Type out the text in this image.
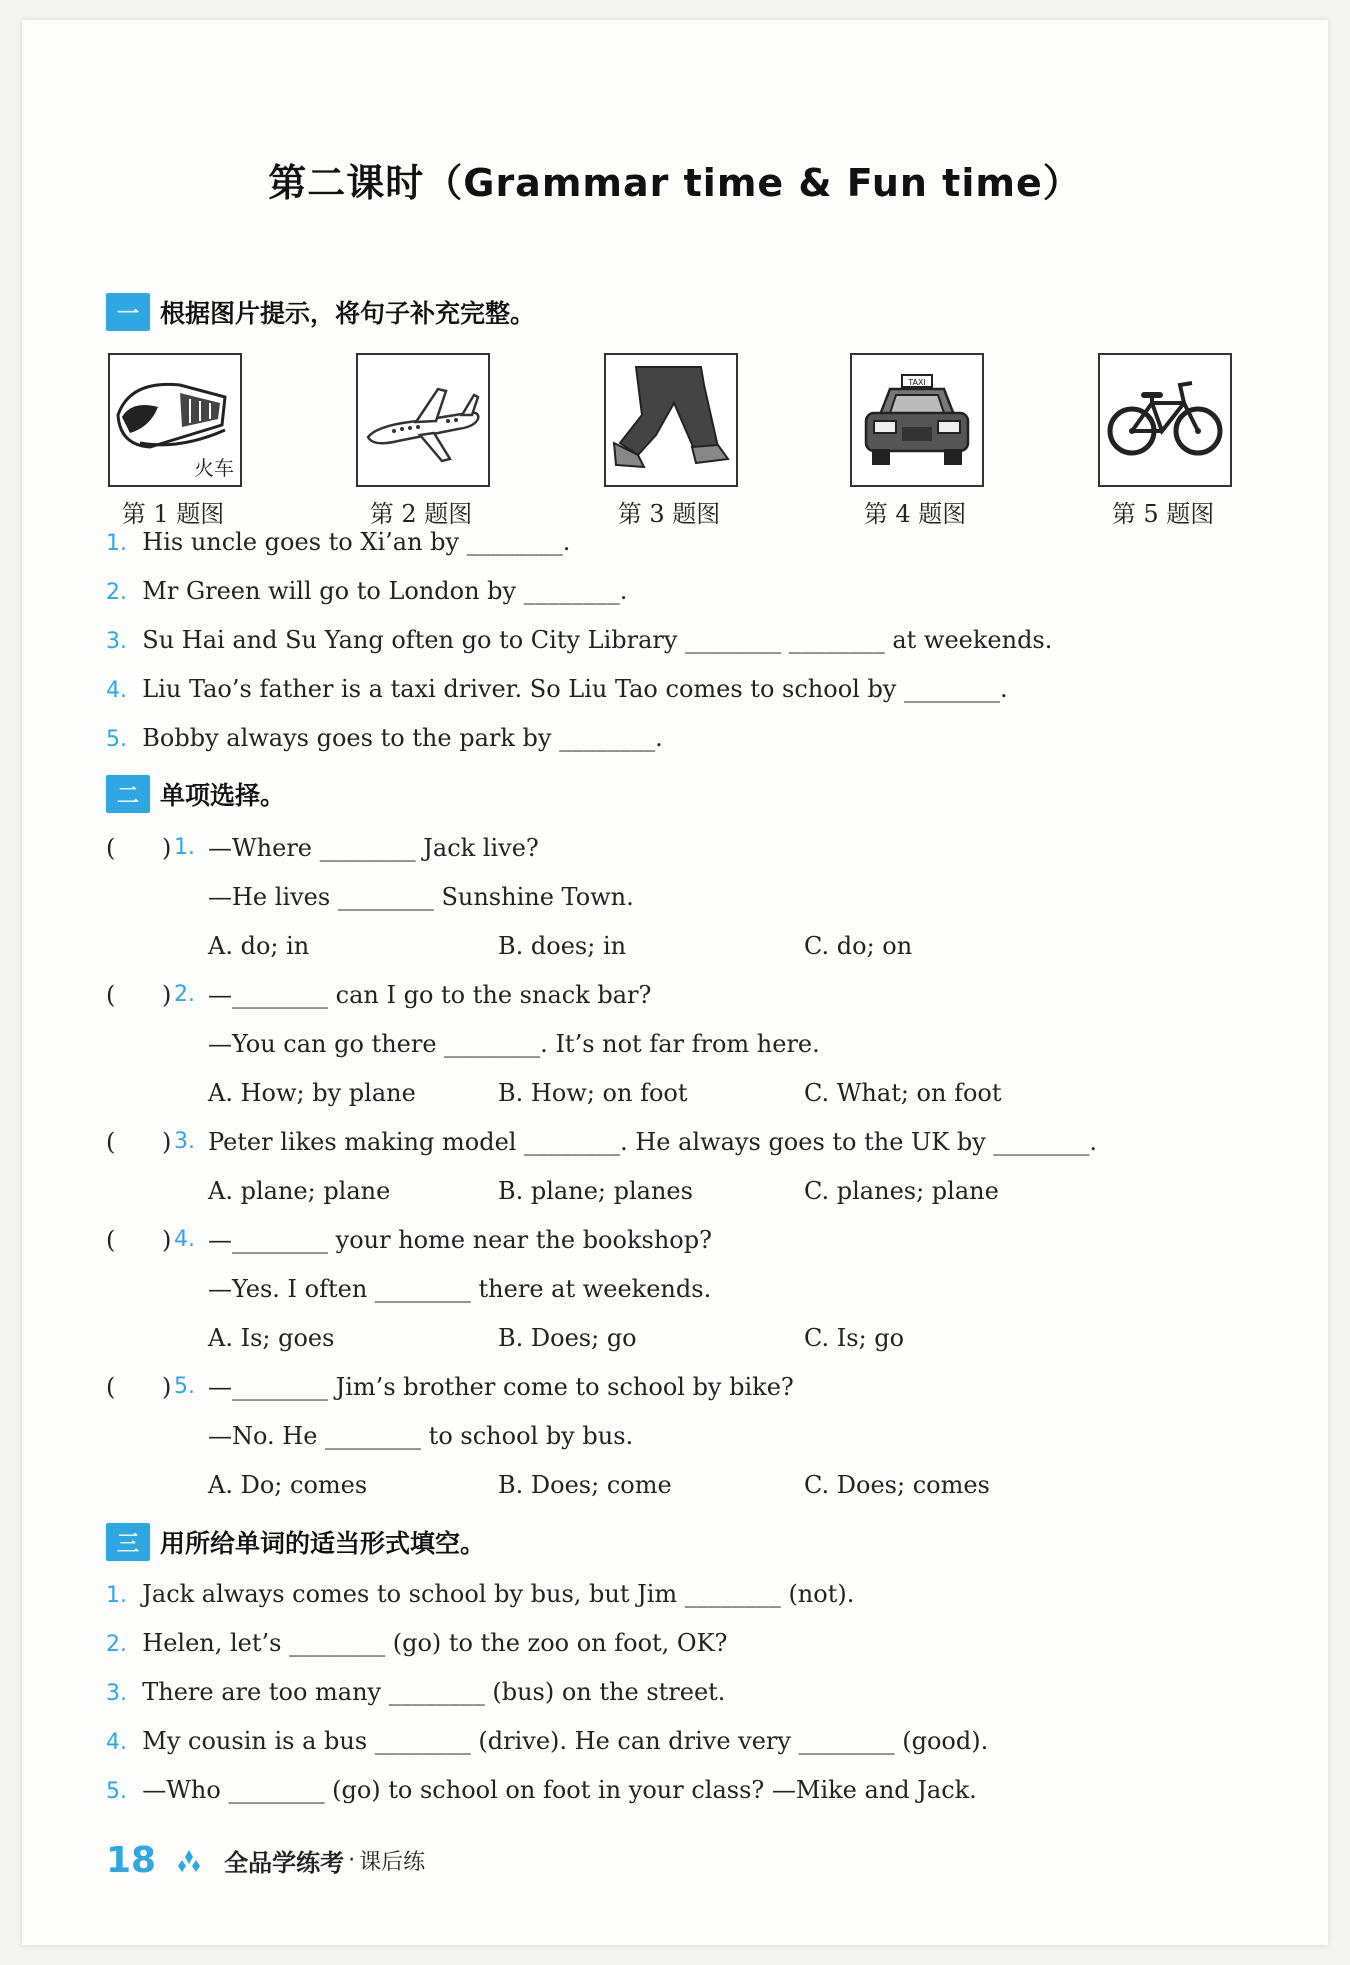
第二课时（Grammar time & Fun time）
一 根据图片提示，将句子补充完整。
火车
第 1 题图	第 2 题图	第 3 题图
TAXI
第 4 题图	第 5 题图
1. His uncle goes to Xi’an by ________.
2. Mr Green will go to London by ________.
3. Su Hai and Su Yang often go to City Library ________ ________ at weekends.
4. Liu Tao’s father is a taxi driver. So Liu Tao comes to school by ________.
5. Bobby always goes to the park by ________.
二 单项选择。
( ) 1. —Where ________ Jack live?
—He lives ________ Sunshine Town.
A. do; in	B. does; in	C. do; on
( ) 2. —________ can I go to the snack bar?
—You can go there ________. It’s not far from here.
A. How; by plane	B. How; on foot	C. What; on foot
( ) 3. Peter likes making model ________. He always goes to the UK by ________.
A. plane; plane	B. plane; planes	C. planes; plane
( ) 4. —________ your home near the bookshop?
—Yes. I often ________ there at weekends.
A. Is; goes	B. Does; go	C. Is; go
( ) 5. —________ Jim’s brother come to school by bike?
—No. He ________ to school by bus.
A. Do; comes	B. Does; come	C. Does; comes
三 用所给单词的适当形式填空。
1. Jack always comes to school by bus, but Jim ________ (not).
2. Helen, let’s ________ (go) to the zoo on foot, OK?
3. There are too many ________ (bus) on the street.
4. My cousin is a bus ________ (drive). He can drive very ________ (good).
5. —Who ________ (go) to school on foot in your class? —Mike and Jack.
18	全品学练考 · 课后练
